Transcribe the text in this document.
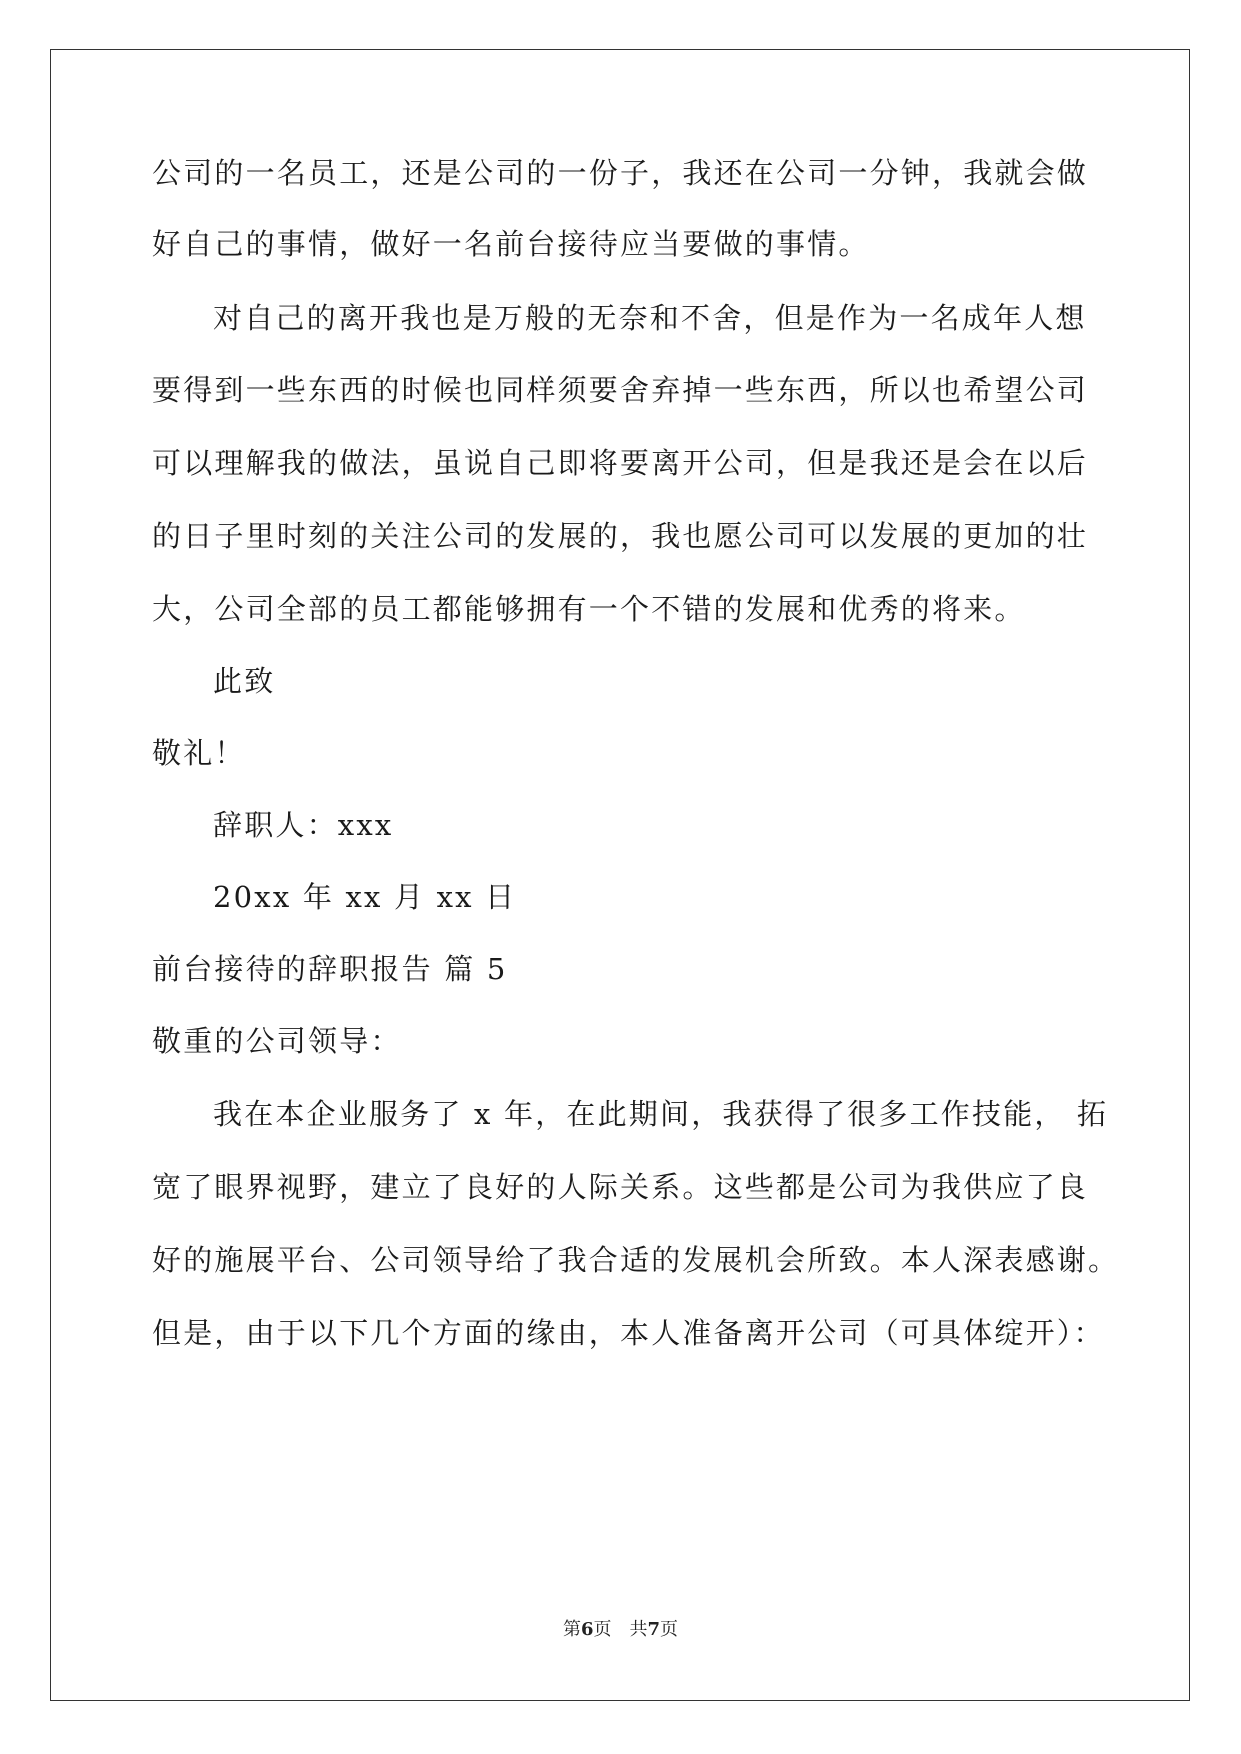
公司的一名员工，还是公司的一份子，我还在公司一分钟，我就会做
好自己的事情，做好一名前台接待应当要做的事情。
对自己的离开我也是万般的无奈和不舍，但是作为一名成年人想
要得到一些东西的时候也同样须要舍弃掉一些东西，所以也希望公司
可以理解我的做法，虽说自己即将要离开公司，但是我还是会在以后
的日子里时刻的关注公司的发展的，我也愿公司可以发展的更加的壮
大，公司全部的员工都能够拥有一个不错的发展和优秀的将来。
此致
敬礼！
辞职人：xxx
20xx 年 xx 月 xx 日
前台接待的辞职报告 篇 5
敬重的公司领导：
我在本企业服务了 x 年，在此期间，我获得了很多工作技能， 拓
宽了眼界视野，建立了良好的人际关系。这些都是公司为我供应了良
好的施展平台、公司领导给了我合适的发展机会所致。本人深表感谢。
但是，由于以下几个方面的缘由，本人准备离开公司（可具体绽开）：
第6页 共7页
